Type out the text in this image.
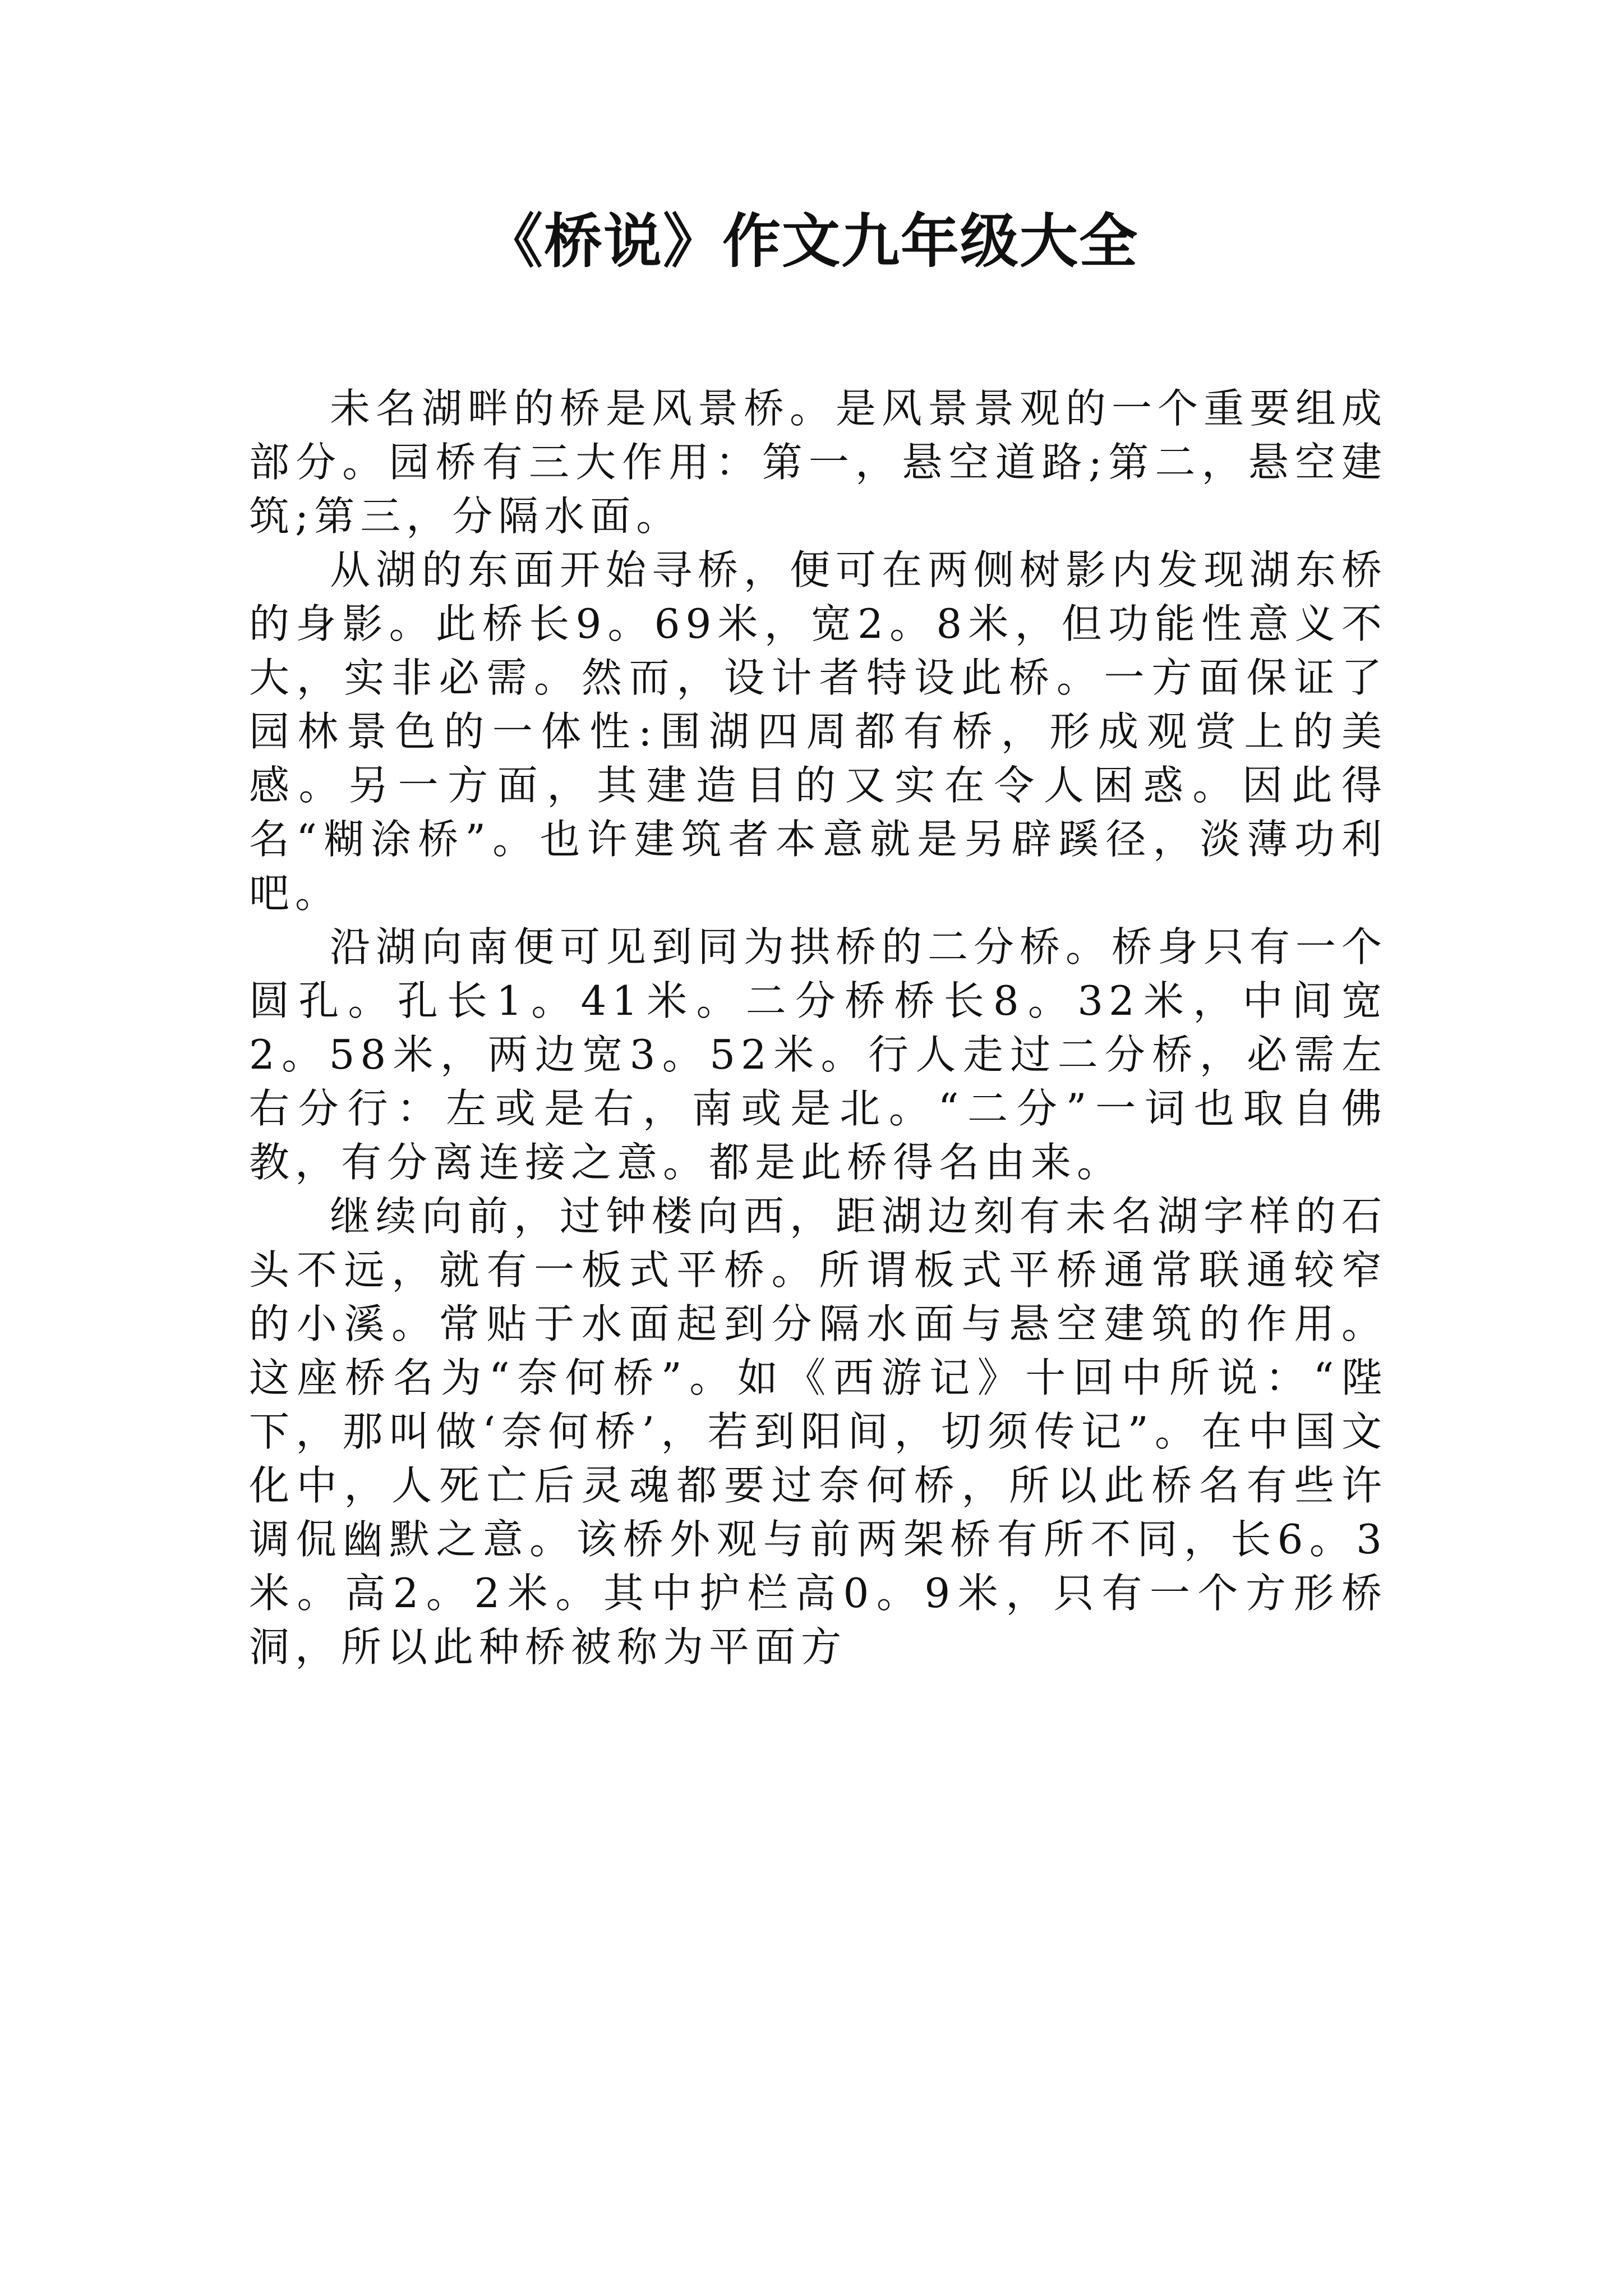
《桥说》作文九年级大全

未名湖畔的桥是风景桥。是风景景观的一个重要组成部分。园桥有三大作用：第一，悬空道路;第二，悬空建筑;第三，分隔水面。

从湖的东面开始寻桥，便可在两侧树影内发现湖东桥的身影。此桥长9。69米，宽2。8米，但功能性意义不大，实非必需。然而，设计者特设此桥。一方面保证了园林景色的一体性:围湖四周都有桥，形成观赏上的美感。另一方面，其建造目的又实在令人困惑。因此得名“糊涂桥”。也许建筑者本意就是另辟蹊径，淡薄功利吧。

沿湖向南便可见到同为拱桥的二分桥。桥身只有一个圆孔。孔长1。41米。二分桥桥长8。32米，中间宽2。58米，两边宽3。52米。行人走过二分桥，必需左右分行：左或是右，南或是北。“二分”一词也取自佛教，有分离连接之意。都是此桥得名由来。

继续向前，过钟楼向西，距湖边刻有未名湖字样的石头不远，就有一板式平桥。所谓板式平桥通常联通较窄的小溪。常贴于水面起到分隔水面与悬空建筑的作用。这座桥名为“奈何桥”。如《西游记》十回中所说：“陛下，那叫做‘奈何桥’，若到阳间，切须传记”。在中国文化中，人死亡后灵魂都要过奈何桥，所以此桥名有些许调侃幽默之意。该桥外观与前两架桥有所不同，长6。3米。高2。2米。其中护栏高0。9米，只有一个方形桥洞，所以此种桥被称为平面方
